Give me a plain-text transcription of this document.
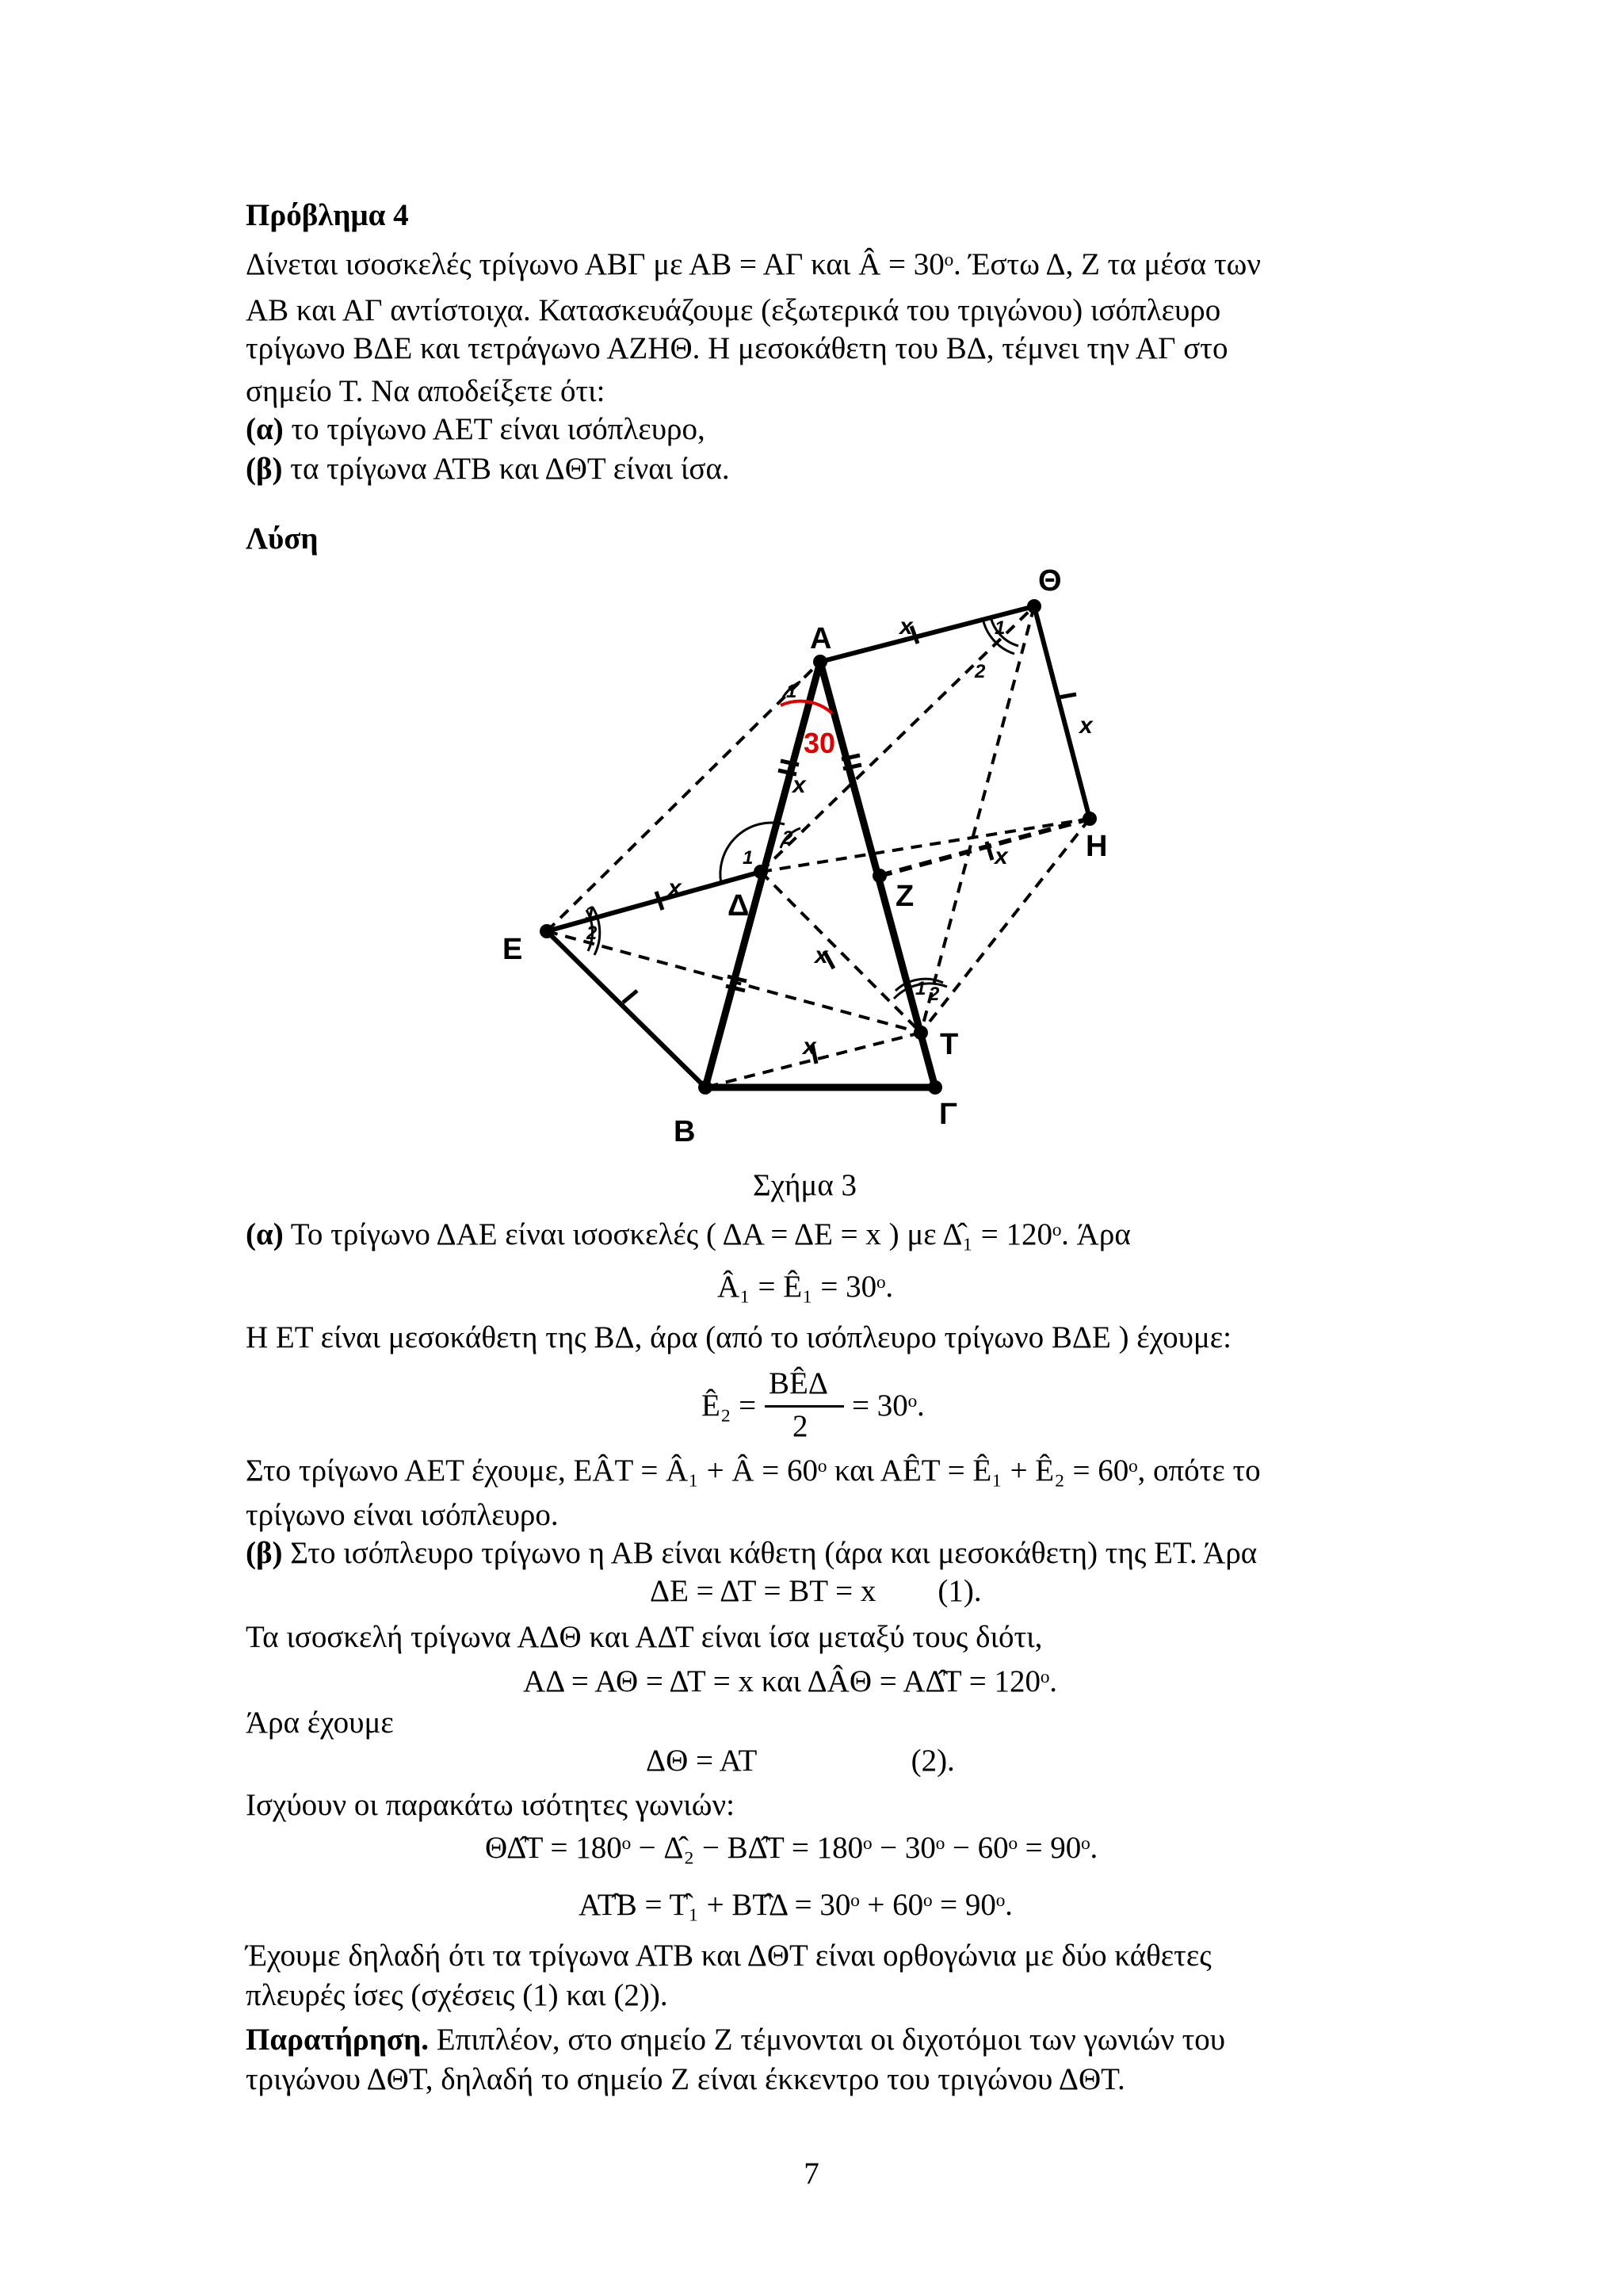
Πρόβλημα 4
Δίνεται ισοσκελές τρίγωνο ΑΒΓ με ΑΒ = ΑΓ και Â = 30ᵒ. Έστω Δ, Ζ τα μέσα των
ΑΒ και ΑΓ αντίστοιχα. Κατασκευάζουμε (εξωτερικά του τριγώνου) ισόπλευρο
τρίγωνο ΒΔΕ και τετράγωνο ΑΖΗΘ. Η μεσοκάθετη του ΒΔ, τέμνει την ΑΓ στο
σημείο Τ. Να αποδείξετε ότι:
(α) το τρίγωνο ΑΕΤ είναι ισόπλευρο,
(β) τα τρίγωνα ΑΤΒ και ΔΘΤ είναι ίσα.
Λύση
Α
Β
Γ
Δ
Ε
Ζ
Η
Θ
Τ
30
x
x
x
x
x
x
x
1
1
2
1
2
1 2
1
2
Σχήμα 3
(α) Το τρίγωνο ΔΑΕ είναι ισοσκελές ( ΔΑ = ΔΕ = x ) με Δ̂₁ = 120ᵒ. Άρα
Â₁ = Ê₁ = 30ᵒ.
Η ΕΤ είναι μεσοκάθετη της ΒΔ, άρα (από το ισόπλευρο τρίγωνο ΒΔΕ ) έχουμε:
Ê₂ =
ΒÊΔ
2
= 30ᵒ.
Στο τρίγωνο ΑΕΤ έχουμε, ΕÂΤ = Â₁ + Â = 60ᵒ και ΑÊΤ = Ê₁ + Ê₂ = 60ᵒ, οπότε το
τρίγωνο είναι ισόπλευρο.
(β) Στο ισόπλευρο τρίγωνο η ΑΒ είναι κάθετη (άρα και μεσοκάθετη) της ΕΤ. Άρα
ΔΕ = ΔΤ = ΒΤ = x        (1).
Τα ισοσκελή τρίγωνα ΑΔΘ και ΑΔΤ είναι ίσα μεταξύ τους διότι,
ΑΔ = ΑΘ = ΔΤ = x και ΔÂΘ = ΑΔ̂Τ = 120ᵒ.
Άρα έχουμε
ΔΘ = ΑΤ                    (2).
Ισχύουν οι παρακάτω ισότητες γωνιών:
ΘΔ̂Τ = 180ᵒ − Δ̂₂ − ΒΔ̂Τ = 180ᵒ − 30ᵒ − 60ᵒ = 90ᵒ.
ΑΤ̂Β = Τ̂₁ + ΒΤ̂Δ = 30ᵒ + 60ᵒ = 90ᵒ.
Έχουμε δηλαδή ότι τα τρίγωνα ΑΤΒ και ΔΘΤ είναι ορθογώνια με δύο κάθετες
πλευρές ίσες (σχέσεις (1) και (2)).
Παρατήρηση. Επιπλέον, στο σημείο Ζ τέμνονται οι διχοτόμοι των γωνιών του
τριγώνου ΔΘΤ, δηλαδή το σημείο Ζ είναι έκκεντρο του τριγώνου ΔΘΤ.
7
